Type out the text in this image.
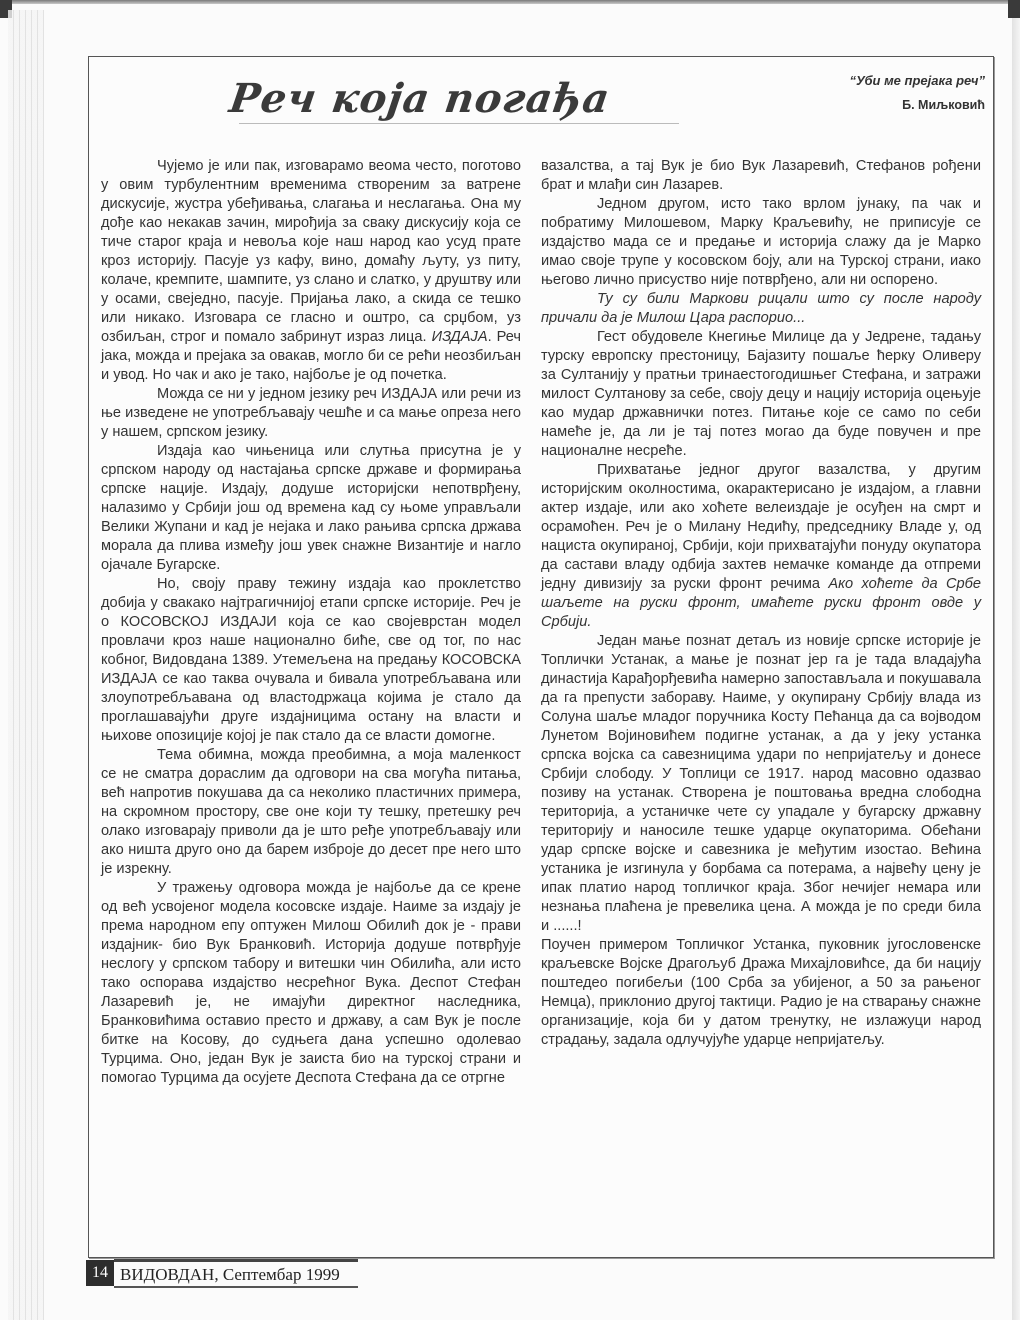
Реч која погађа	“Уби ме прејака реч”
Б. Миљковић

Чујемо је или пак, изговарамо веома често, поготово у овим турбулентним временима створеним за ватрене дискусије, жустра убеђивања, слагања и неслагања. Она му дође као некакав зачин, мирођија за сваку дискусију која се тиче старог краја и невоља које наш народ као усуд прате кроз историју. Пасује уз кафу, вино, домаћу љуту, уз питу, колаче, кремпите, шампите, уз слано и слатко, у друштву или у осами, свеједно, пасује. Пријања лако, а скида се тешко или никако. Изговара се гласно и оштро, са срџбом, уз озбиљан, строг и помало забринут израз лица. ИЗДАЈА. Реч јака, можда и прејака за овакав, могло би се рећи неозбиљан и увод. Но чак и ако је тако, најбоље је од почетка.

Можда се ни у једном језику реч ИЗДАЈА или речи из ње изведене не употребљавају чешће и са мање опреза него у нашем, српском језику.

Издаја као чињеница или слутња присутна је у српском народу од настајања српске државе и формирања српске нације. Издају, додуше историјски непотврђену, налазимо у Србији још од времена кад су њоме управљали Велики Жупани и кад је нејака и лако рањива српска држава морала да плива између још увек снажне Византије и нагло ојачале Бугарске.

Но, своју праву тежину издаја као проклетство добија у свакако најтрагичнијој етапи српске историје. Реч је о КОСОВСКОЈ ИЗДАЈИ која се као својеврстан модел провлачи кроз наше национално биће, све од тог, по нас кобног, Видовдана 1389. Утемељена на предању КОСОВСКА ИЗДАЈА се као таква очувала и бивала употребљавана или злоупотребљавана од властодржаца којима је стало да проглашавајући друге издајницима остану на власти и њихове опозиције којој је пак стало да се власти домогне.

Тема обимна, можда преобимна, а моја маленкост се не сматра дораслим да одговори на сва могућа питања, већ напротив покушава да са неколико пластичних примера, на скромном простору, све оне који ту тешку, претешку реч олако изговарају приволи да је што ређе употребљавају или ако ништа друго оно да барем изброје до десет пре него што је изрекну.

У тражењу одговора можда је најбоље да се крене од већ усвојеног модела косовске издаје. Наиме за издају је према народном епу оптужен Милош Обилић док је - прави издајник- био Вук Бранковић. Историја додуше потврђује неслогу у српском табору и витешки чин Обилића, али исто тако оспорава издајство несрећног Вука. Деспот Стефан Лазаревић је, не имајући директног наследника, Бранковићима оставио престо и државу, а сам Вук је после битке на Косову, до судњега дана успешно одолевао Турцима. Оно, један Вук је заиста био на турској страни и помогао Турцима да осујете Деспота Стефана да се отргне

вазалства, а тај Вук је био Вук Лазаревић, Стефанов рођени брат и млађи син Лазарев.

Једном другом, исто тако врлом јунаку, па чак и побратиму Милошевом, Марку Краљевићу, не приписује се издајство мада се и предање и историја слажу да је Марко имао своје трупе у косовском боју, али на Турској страни, иако његово лично присуство није потврђено, али ни оспорено.

Ту су били Маркови рицали што су после народу причали да је Милош Цара распорио...

Гест обудовеле Кнегиње Милице да у Једрене, тадању турску европску престоницу, Бајазиту пошаље ћерку Оливеру за Султанију у пратњи тринаестогодишњег Стефана, и затражи милост Султанову за себе, своју децу и нацију историја оцењује као мудар државнички потез. Питање које се само по себи намеће је, да ли је тај потез могао да буде повучен и пре националне несреће.

Прихватање једног другог вазалства, у другим историјским околностима, окарактерисано је издајом, а главни актер издаје, или ако хоћете велеиздаје је осуђен на смрт и осрамоћен. Реч је о Милану Недићу, председнику Владе у, од нациста окупираној, Србији, који прихватајући понуду окупатора да састави владу одбија захтев немачке команде да отпреми једну дивизију за руски фронт речима Ако хоћете да Србе шаљете на руски фронт, имаћете руски фронт овде у Србији.

Један мање познат детаљ из новије српске историје је Топлички Устанак, а мање је познат јер га је тада владајућа династија Карађорђевића намерно запостављала и покушавала да га препусти забораву. Наиме, у окупирану Србију влада из Солуна шаље младог поручника Косту Пећанца да са војводом Лунетом Војиновићем подигне устанак, а да у јеку устанка српска војска са савезницима удари по непријатељу и донесе Србији слободу. У Топлици се 1917. народ масовно одазвао позиву на устанак. Створена је поштовања вредна слободна територија, а устаничке чете су упадале у бугарску државну територију и наносиле тешке ударце окупаторима. Обећани удар српске војске и савезника је међутим изостао. Већина устаника је изгинула у борбама са потерама, а највећу цену је ипак платио народ топличког краја. Због нечијег немара или незнања плаћена је превелика цена. А можда је по среди била и ......!

Поучен примером Топличког Устанка, пуковник југословенске краљевске Војске Драгољуб Дража Михајловићсе, да би нацију поштедео погибељи (100 Срба за убијеног, а 50 за рањеног Немца), приклонио другој тактици. Радио је на стварању снажне организације, која би у датом тренутку, не излажуци народ страдању, задала одлучујуће ударце непријатељу.

14 ВИДОВДАН, Септембар 1999
